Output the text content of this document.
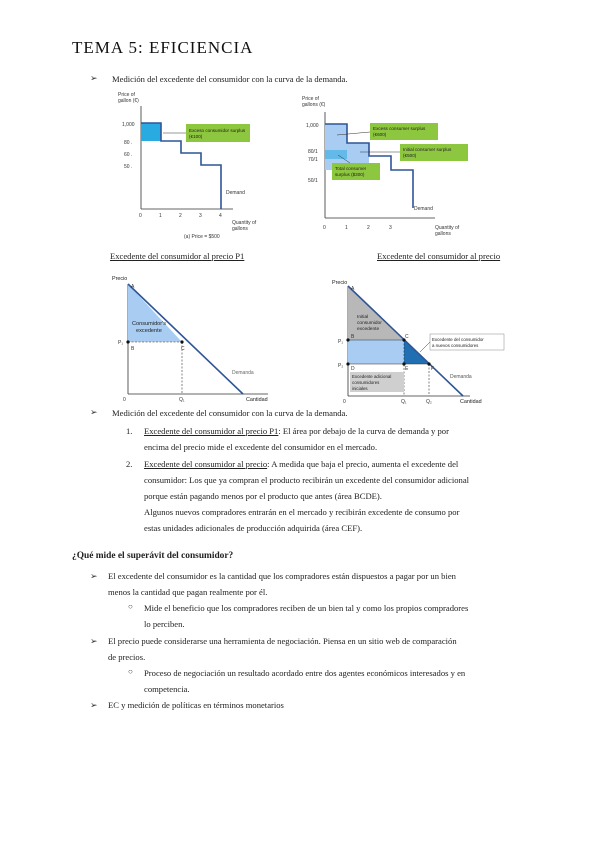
TEMA 5: EFICIENCIA
➢ Medición del excedente del consumidor con la curva de la demanda.
Price of
gallon (€)
1,000
80 .
60 .
50 .
0	1	2	3	4
Quantity of
gallons
Exceso consumidor surplus
(€100)
Demand
(a) Price = $500
Price of
gallons (€)
1,000
80/1
70/1
50/1
0	1	2	3	Quantity of
gallons
Excess consumer surplus
(€600)
Initial consumer surplus
(€500)
Total consumer
surplus ($300)
Demand
Excedente del consumidor al precio P1	Excedente del consumidor al precio
Precio
A
P₁
B	C
Consumidor's
excedente
Demanda
0	Q₁	Cantidad
Precio
A
P₁
P₂
B	C
D	E	F
Initial
consumidor
excedente
Excedente del consumidor
a nuevos consumidores
Excedente adicional
consumidores
iniciales
Demanda
0	Q₁	Q₂	Cantidad
➢ Medición del excedente del consumidor con la curva de la demanda.
1. Excedente del consumidor al precio P1: El área por debajo de la curva de demanda y por
encima del precio mide el excedente del consumidor en el mercado.
2. Excedente del consumidor al precio: A medida que baja el precio, aumenta el excedente del
consumidor: Los que ya compran el producto recibirán un excedente del consumidor adicional
porque están pagando menos por el producto que antes (área BCDE).
Algunos nuevos compradores entrarán en el mercado y recibirán excedente de consumo por
estas unidades adicionales de producción adquirida (área CEF).
¿Qué mide el superávit del consumidor?
➢ El excedente del consumidor es la cantidad que los compradores están dispuestos a pagar por un bien
menos la cantidad que pagan realmente por él.
○ Mide el beneficio que los compradores reciben de un bien tal y como los propios compradores
lo perciben.
➢ El precio puede considerarse una herramienta de negociación. Piensa en un sitio web de comparación
de precios.
○ Proceso de negociación un resultado acordado entre dos agentes económicos interesados y en
competencia.
➢ EC y medición de políticas en términos monetarios
